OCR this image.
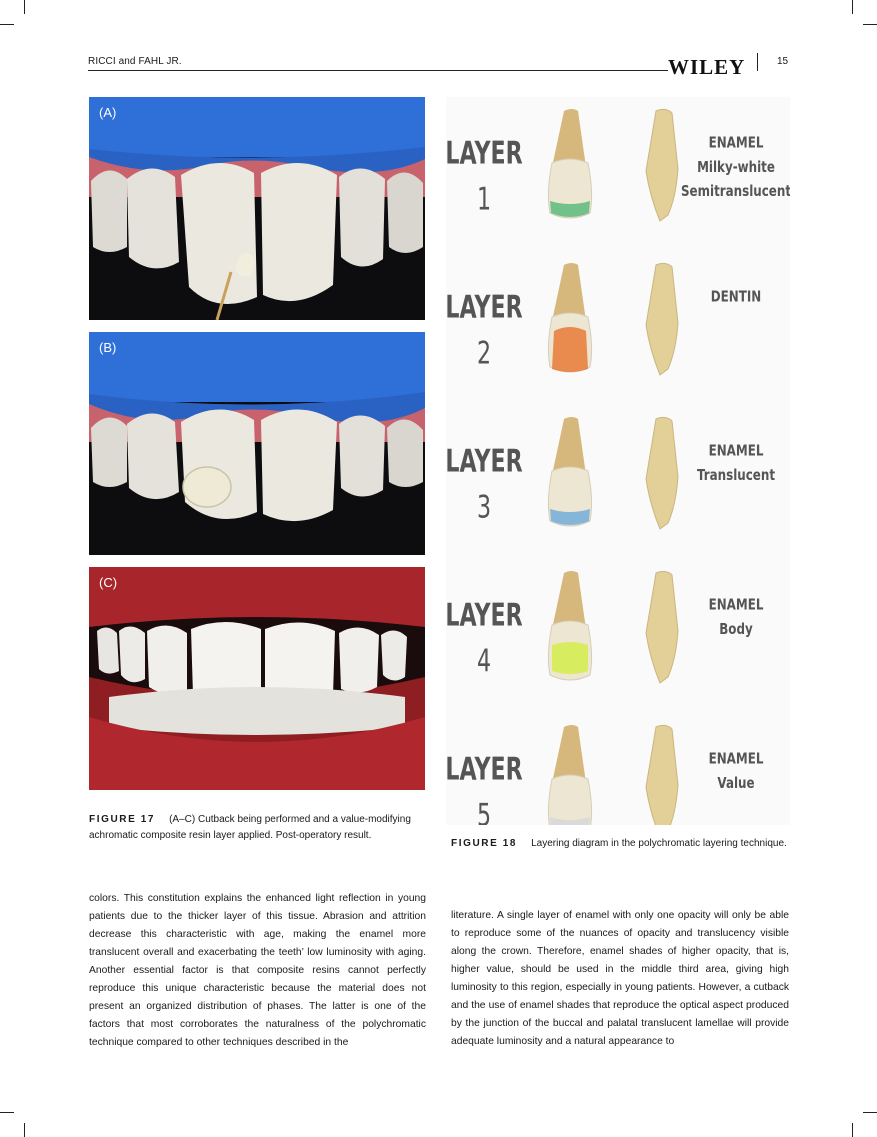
RICCI and FAHL JR.	WILEY	15
(A)
(B)
(C)
FIGURE 17 (A–C) Cutback being performed and a value-modifying achromatic composite resin layer applied. Post-operatory result.
LAYER
1
ENAMEL
Milky-white
Semitranslucent
LAYER
2
DENTIN
LAYER
3
ENAMEL
Translucent
LAYER
4
ENAMEL
Body
LAYER
5
ENAMEL
Value
FIGURE 18 Layering diagram in the polychromatic layering technique.
colors. This constitution explains the enhanced light reflection in young patients due to the thicker layer of this tissue. Abrasion and attrition decrease this characteristic with age, making the enamel more translucent overall and exacerbating the teeth’ low luminosity with aging. Another essential factor is that composite resins cannot perfectly reproduce this unique characteristic because the material does not present an organized distribution of phases. The latter is one of the factors that most corroborates the naturalness of the polychromatic technique compared to other techniques described in the
literature. A single layer of enamel with only one opacity will only be able to reproduce some of the nuances of opacity and translucency visible along the crown. Therefore, enamel shades of higher opacity, that is, higher value, should be used in the middle third area, giving high luminosity to this region, especially in young patients. However, a cutback and the use of enamel shades that reproduce the optical aspect produced by the junction of the buccal and palatal translucent lamellae will provide adequate luminosity and a natural appearance to
